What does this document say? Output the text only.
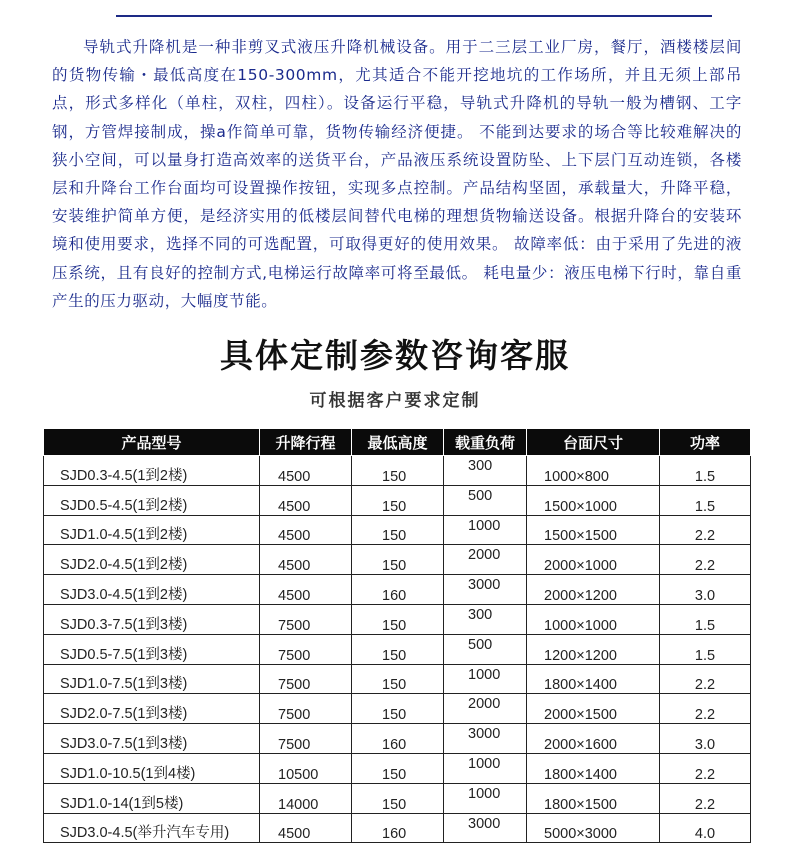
导轨式升降机是一种非剪叉式液压升降机械设备。用于二三层工业厂房，餐厅，酒楼楼层间的货物传输・最低高度在150-300mm，尤其适合不能开挖地坑的工作场所，并且无须上部吊点，形式多样化（单柱，双柱，四柱）。设备运行平稳，导轨式升降机的导轨一般为槽钢、工字钢，方管焊接制成，操a作简单可靠，货物传输经济便捷。 不能到达要求的场合等比较难解决的狭小空间，可以量身打造高效率的送货平台，产品液压系统设置防坠、上下层门互动连锁，各楼层和升降台工作台面均可设置操作按钮，实现多点控制。产品结构坚固，承载量大，升降平稳，安装维护简单方便，是经济实用的低楼层间替代电梯的理想货物输送设备。根据升降台的安装环境和使用要求，选择不同的可选配置，可取得更好的使用效果。 故障率低：由于采用了先进的液压系统，且有良好的控制方式,电梯运行故障率可将至最低。 耗电量少：液压电梯下行时，靠自重产生的压力驱动，大幅度节能。
具体定制参数咨询客服
可根据客户要求定制
产品型号	升降行程	最低高度	载重负荷	台面尺寸	功率
SJD0.3-4.5(1到2楼)	4500	150	300	1000×800	1.5
SJD0.5-4.5(1到2楼)	4500	150	500	1500×1000	1.5
SJD1.0-4.5(1到2楼)	4500	150	1000	1500×1500	2.2
SJD2.0-4.5(1到2楼)	4500	150	2000	2000×1000	2.2
SJD3.0-4.5(1到2楼)	4500	160	3000	2000×1200	3.0
SJD0.3-7.5(1到3楼)	7500	150	300	1000×1000	1.5
SJD0.5-7.5(1到3楼)	7500	150	500	1200×1200	1.5
SJD1.0-7.5(1到3楼)	7500	150	1000	1800×1400	2.2
SJD2.0-7.5(1到3楼)	7500	150	2000	2000×1500	2.2
SJD3.0-7.5(1到3楼)	7500	160	3000	2000×1600	3.0
SJD1.0-10.5(1到4楼)	10500	150	1000	1800×1400	2.2
SJD1.0-14(1到5楼)	14000	150	1000	1800×1500	2.2
SJD3.0-4.5(举升汽车专用)	4500	160	3000	5000×3000	4.0
